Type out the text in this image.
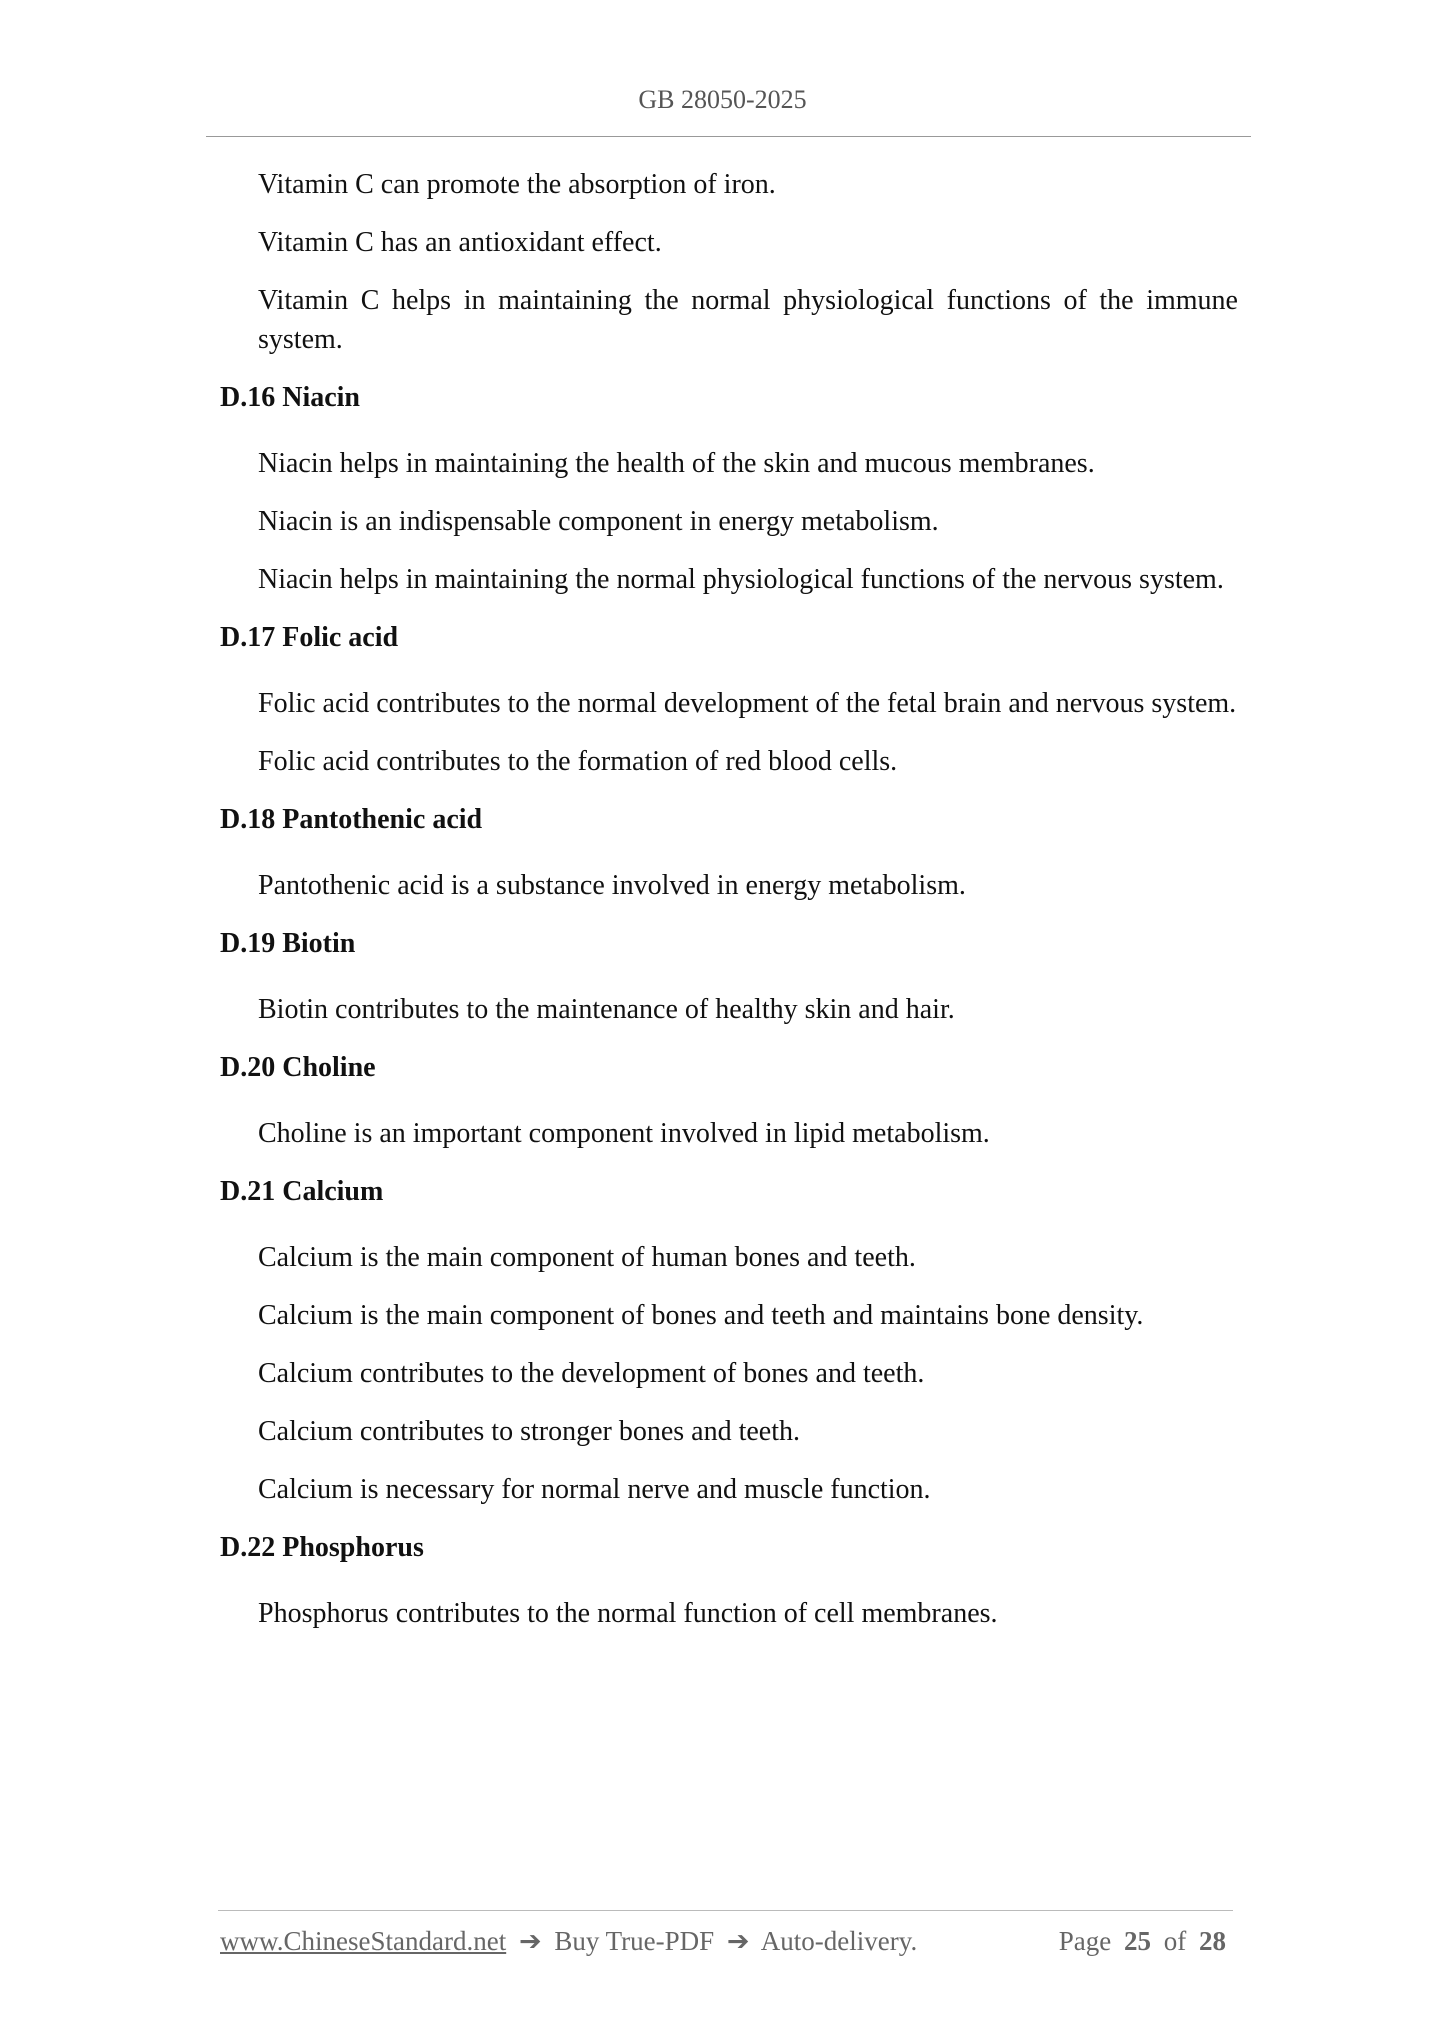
GB 28050-2025

Vitamin C can promote the absorption of iron.

Vitamin C has an antioxidant effect.

Vitamin C helps in maintaining the normal physiological functions of the immune system.

D.16 Niacin

Niacin helps in maintaining the health of the skin and mucous membranes.

Niacin is an indispensable component in energy metabolism.

Niacin helps in maintaining the normal physiological functions of the nervous system.

D.17 Folic acid

Folic acid contributes to the normal development of the fetal brain and nervous system.

Folic acid contributes to the formation of red blood cells.

D.18 Pantothenic acid

Pantothenic acid is a substance involved in energy metabolism.

D.19 Biotin

Biotin contributes to the maintenance of healthy skin and hair.

D.20 Choline

Choline is an important component involved in lipid metabolism.

D.21 Calcium

Calcium is the main component of human bones and teeth.

Calcium is the main component of bones and teeth and maintains bone density.

Calcium contributes to the development of bones and teeth.

Calcium contributes to stronger bones and teeth.

Calcium is necessary for normal nerve and muscle function.

D.22 Phosphorus

Phosphorus contributes to the normal function of cell membranes.

www.ChineseStandard.net ➔ Buy True-PDF ➔ Auto-delivery.	Page 25 of 28
